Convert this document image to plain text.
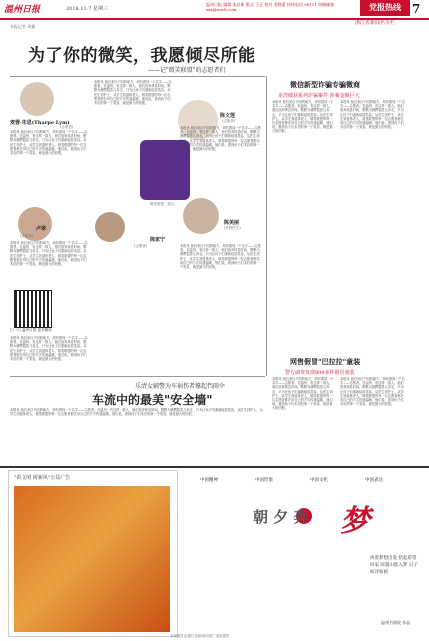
温州日报	2018.11.7 星期三
温州日报 编辑 朱启新 版式 王正 校对 金晓蕾 热线电话 96111 投稿邮箱 xxx@wzrb.com	党报热线 7
浙江省新闻名专栏
本报记者 周捷
为了你的微笑，我愿倾尽所能
——记"微笑联盟"的志愿者们
麦蓉·朱思(Tharpe Lym)
(志愿者)
本报讯 他们来自不同的地方，却有着同一个名字——志愿者。在温州，有这样一群人，他们放弃休息时间，默默为唇腭裂患儿奔走，只为让孩子们重新绽放笑容。从医生到护士，从学生到退休老人，微笑联盟的每一位志愿者都在用自己的方式传递温暖。他们说，看到孩子们术后的第一个笑容，就是最大的回报。
卢翠
(志愿者)
本报讯 他们来自不同的地方，却有着同一个名字——志愿者。在温州，有这样一群人，他们放弃休息时间，默默为唇腭裂患儿奔走，只为让孩子们重新绽放笑容。从医生到护士，从学生到退休老人，微笑联盟的每一位志愿者都在用自己的方式传递温暖。他们说，看到孩子们术后的第一个笑容，就是最大的回报。
扫一扫 温州日报 更多精彩
本报讯 他们来自不同的地方，却有着同一个名字——志愿者。在温州，有这样一群人，他们放弃休息时间，默默为唇腭裂患儿奔走，只为让孩子们重新绽放笑容。从医生到护士，从学生到退休老人，微笑联盟的每一位志愿者都在用自己的方式传递温暖。他们说，看到孩子们术后的第一个笑容，就是最大的回报。
本报讯 他们来自不同的地方，却有着同一个名字——志愿者。在温州，有这样一群人，他们放弃休息时间，默默为唇腭裂患儿奔走，只为让孩子们重新绽放笑容。从医生到护士，从学生到退休老人，微笑联盟的每一位志愿者都在用自己的方式传递温暖。他们说，看到孩子们术后的第一个笑容，就是最大的回报。
微笑联盟 · 爱心
陈家宁
(志愿者)
陈文莲
(志愿者)
本报讯 他们来自不同的地方，却有着同一个名字——志愿者。在温州，有这样一群人，他们放弃休息时间，默默为唇腭裂患儿奔走，只为让孩子们重新绽放笑容。从医生到护士，从学生到退休老人，微笑联盟的每一位志愿者都在用自己的方式传递温暖。他们说，看到孩子们术后的第一个笑容，就是最大的回报。
陈美丽
(外科医生)
本报讯 他们来自不同的地方，却有着同一个名字——志愿者。在温州，有这样一群人，他们放弃休息时间，默默为唇腭裂患儿奔走，只为让孩子们重新绽放笑容。从医生到护士，从学生到退休老人，微笑联盟的每一位志愿者都在用自己的方式传递温暖。他们说，看到孩子们术后的第一个笑容，就是最大的回报。
微信新型诈骗专骗微商
龙湾破获系列诈骗案件 涉案金额巨大
本报讯 他们来自不同的地方，却有着同一个名字——志愿者。在温州，有这样一群人，他们放弃休息时间，默默为唇腭裂患儿奔走，只为让孩子们重新绽放笑容。从医生到护士，从学生到退休老人，微笑联盟的每一位志愿者都在用自己的方式传递温暖。他们说，看到孩子们术后的第一个笑容，就是最大的回报。
本报讯 他们来自不同的地方，却有着同一个名字——志愿者。在温州，有这样一群人，他们放弃休息时间，默默为唇腭裂患儿奔走，只为让孩子们重新绽放笑容。从医生到护士，从学生到退休老人，微笑联盟的每一位志愿者都在用自己的方式传递温暖。他们说，看到孩子们术后的第一个笑容，就是最大的回报。
网售假冒"巴拉拉"童装
警方调查发现800多件假冒童装
本报讯 他们来自不同的地方，却有着同一个名字——志愿者。在温州，有这样一群人，他们放弃休息时间，默默为唇腭裂患儿奔走，只为让孩子们重新绽放笑容。从医生到护士，从学生到退休老人，微笑联盟的每一位志愿者都在用自己的方式传递温暖。他们说，看到孩子们术后的第一个笑容，就是最大的回报。
本报讯 他们来自不同的地方，却有着同一个名字——志愿者。在温州，有这样一群人，他们放弃休息时间，默默为唇腭裂患儿奔走，只为让孩子们重新绽放笑容。从医生到护士，从学生到退休老人，微笑联盟的每一位志愿者都在用自己的方式传递温暖。他们说，看到孩子们术后的第一个笑容，就是最大的回报。
乐清女辅警为车祸伤者撑起挡雨伞
车流中的最美"安全墙"
本报讯 他们来自不同的地方，却有着同一个名字——志愿者。在温州，有这样一群人，他们放弃休息时间，默默为唇腭裂患儿奔走，只为让孩子们重新绽放笑容。从医生到护士，从学生到退休老人，微笑联盟的每一位志愿者都在用自己的方式传递温暖。他们说，看到孩子们术后的第一个笑容，就是最大的回报。
"讲文明 树新风"公益广告	中国精神	中国形象	中国文化	中国表达
朝 夕 奔 梦
执着梦想出发 拾起希望回家 喧嚣山影入梦 日子如诗如画
温州书画院 作品
本版照片由浙江省新闻出版广电局提供
